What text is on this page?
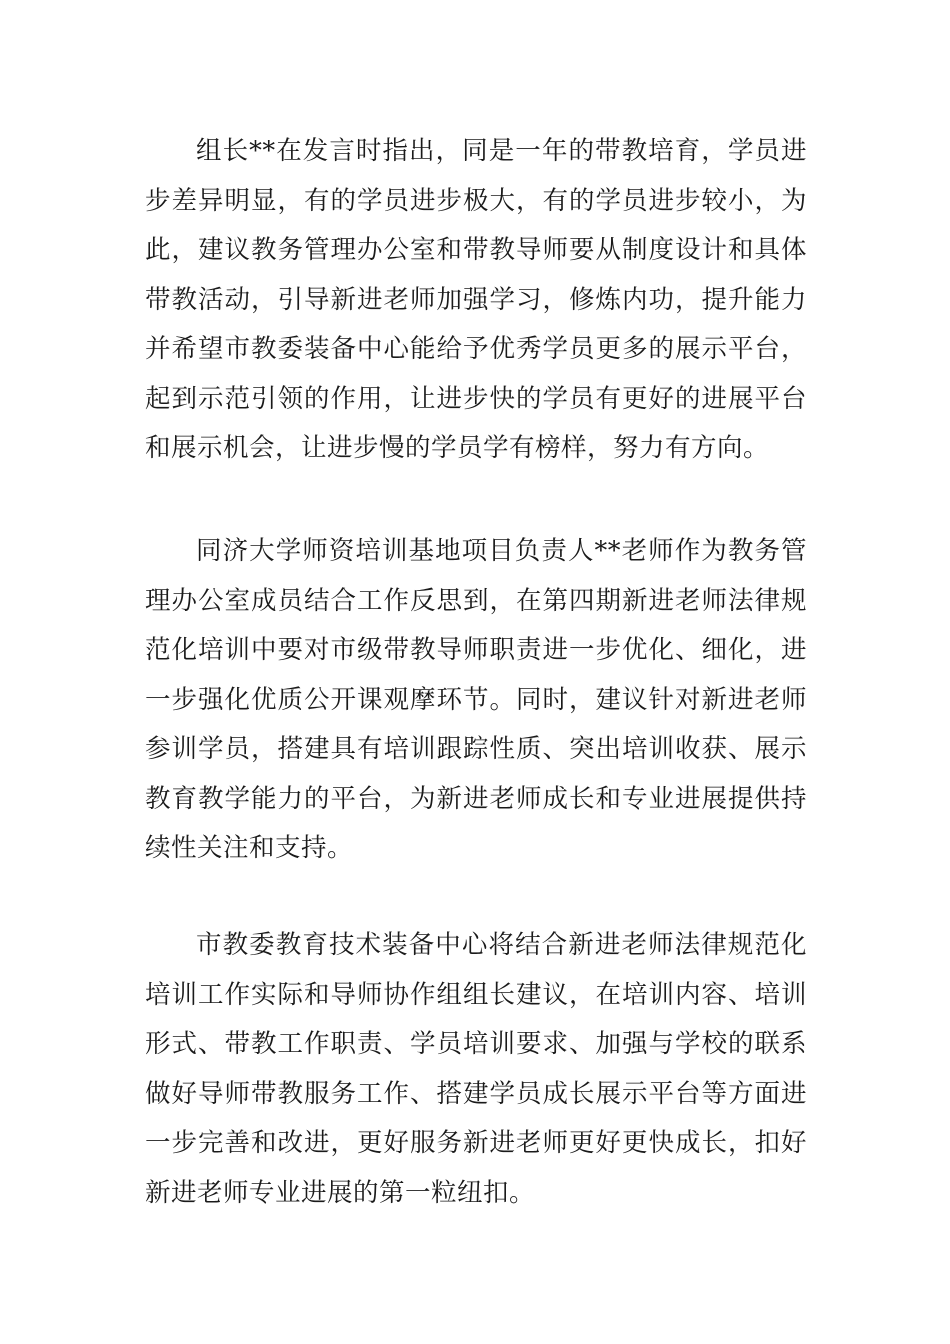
组长**在发言时指出，同是一年的带教培育，学员进步差异明显，有的学员进步极大，有的学员进步较小，为此，建议教务管理办公室和带教导师要从制度设计和具体带教活动，引导新进老师加强学习，修炼内功，提升能力并希望市教委装备中心能给予优秀学员更多的展示平台，起到示范引领的作用，让进步快的学员有更好的进展平台和展示机会，让进步慢的学员学有榜样，努力有方向。

同济大学师资培训基地项目负责人**老师作为教务管理办公室成员结合工作反思到，在第四期新进老师法律规范化培训中要对市级带教导师职责进一步优化、细化，进一步强化优质公开课观摩环节。同时，建议针对新进老师参训学员，搭建具有培训跟踪性质、突出培训收获、展示教育教学能力的平台，为新进老师成长和专业进展提供持续性关注和支持。

市教委教育技术装备中心将结合新进老师法律规范化培训工作实际和导师协作组组长建议，在培训内容、培训形式、带教工作职责、学员培训要求、加强与学校的联系做好导师带教服务工作、搭建学员成长展示平台等方面进一步完善和改进，更好服务新进老师更好更快成长，扣好新进老师专业进展的第一粒纽扣。
